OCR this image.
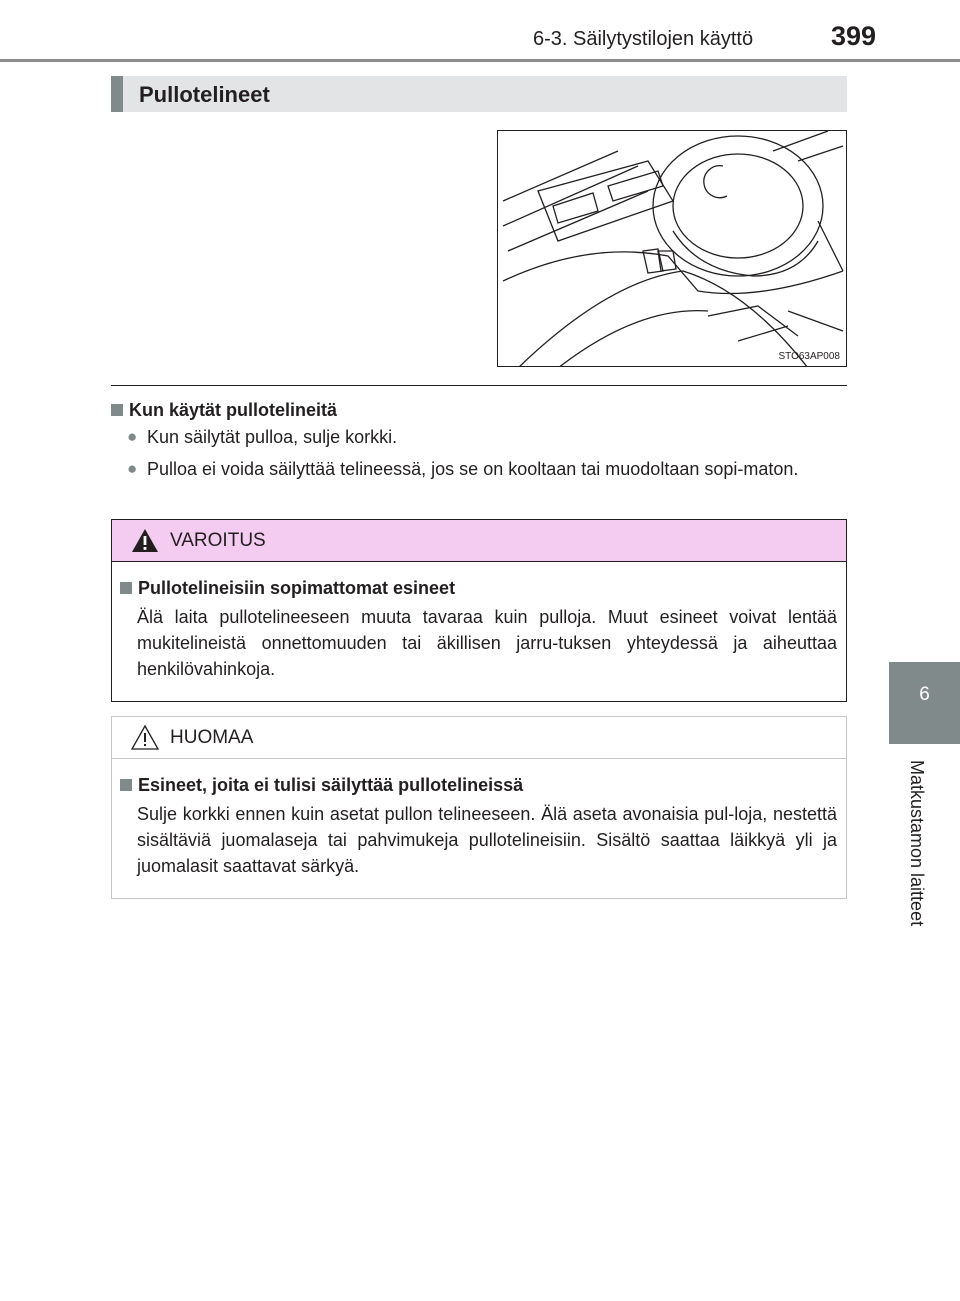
6-3. Säilytystilojen käyttö	399
6
Matkustamon laitteet
Pullotelineet
STO63AP008
Kun käytät pullotelineitä
● Kun säilytät pulloa, sulje korkki.
● Pulloa ei voida säilyttää telineessä, jos se on kooltaan tai muodoltaan sopi-maton.
VAROITUS
Pullotelineisiin sopimattomat esineet
Älä laita pullotelineeseen muuta tavaraa kuin pulloja. Muut esineet voivat lentää mukitelineistä onnettomuuden tai äkillisen jarru-tuksen yhteydessä ja aiheuttaa henkilövahinkoja.
HUOMAA
Esineet, joita ei tulisi säilyttää pullotelineissä
Sulje korkki ennen kuin asetat pullon telineeseen. Älä aseta avonaisia pul-loja, nestettä sisältäviä juomalaseja tai pahvimukeja pullotelineisiin. Sisältö saattaa läikkyä yli ja juomalasit saattavat särkyä.
